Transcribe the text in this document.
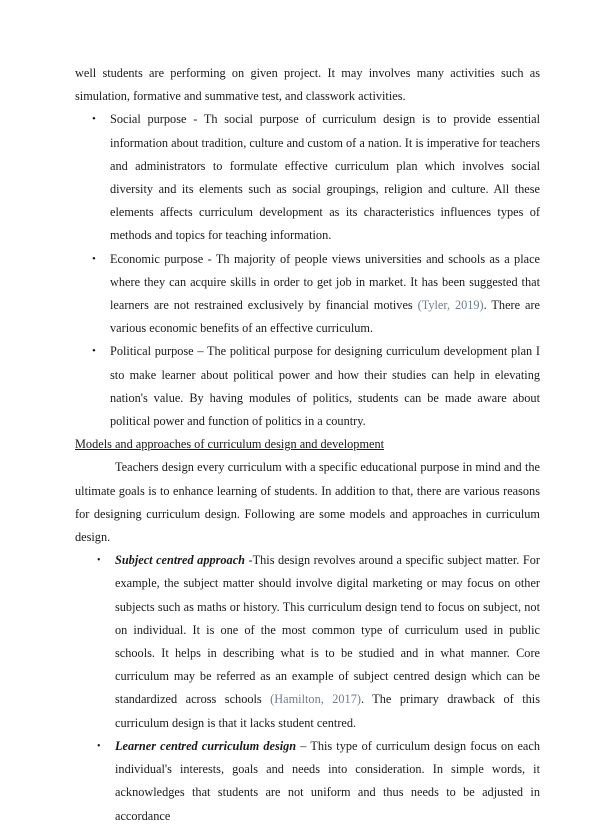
well students are performing on given project. It may involves many activities such as simulation, formative and summative test, and classwork activities.

• Social purpose - Th social purpose of curriculum design is to provide essential information about tradition, culture and custom of a nation. It is imperative for teachers and administrators to formulate effective curriculum plan which involves social diversity and its elements such as social groupings, religion and culture. All these elements affects curriculum development as its characteristics influences types of methods and topics for teaching information.

• Economic purpose - Th majority of people views universities and schools as a place where they can acquire skills in order to get job in market. It has been suggested that learners are not restrained exclusively by financial motives (Tyler, 2019). There are various economic benefits of an effective curriculum.

• Political purpose – The political purpose for designing curriculum development plan I sto make learner about political power and how their studies can help in elevating nation's value. By having modules of politics, students can be made aware about political power and function of politics in a country.

Models and approaches of curriculum design and development

Teachers design every curriculum with a specific educational purpose in mind and the ultimate goals is to enhance learning of students. In addition to that, there are various reasons for designing curriculum design. Following are some models and approaches in curriculum design.

• Subject centred approach -This design revolves around a specific subject matter. For example, the subject matter should involve digital marketing or may focus on other subjects such as maths or history. This curriculum design tend to focus on subject, not on individual. It is one of the most common type of curriculum used in public schools. It helps in describing what is to be studied and in what manner. Core curriculum may be referred as an example of subject centred design which can be standardized across schools (Hamilton, 2017). The primary drawback of this curriculum design is that it lacks student centred.

• Learner centred curriculum design – This type of curriculum design focus on each individual's interests, goals and needs into consideration. In simple words, it acknowledges that students are not uniform and thus needs to be adjusted in accordance
